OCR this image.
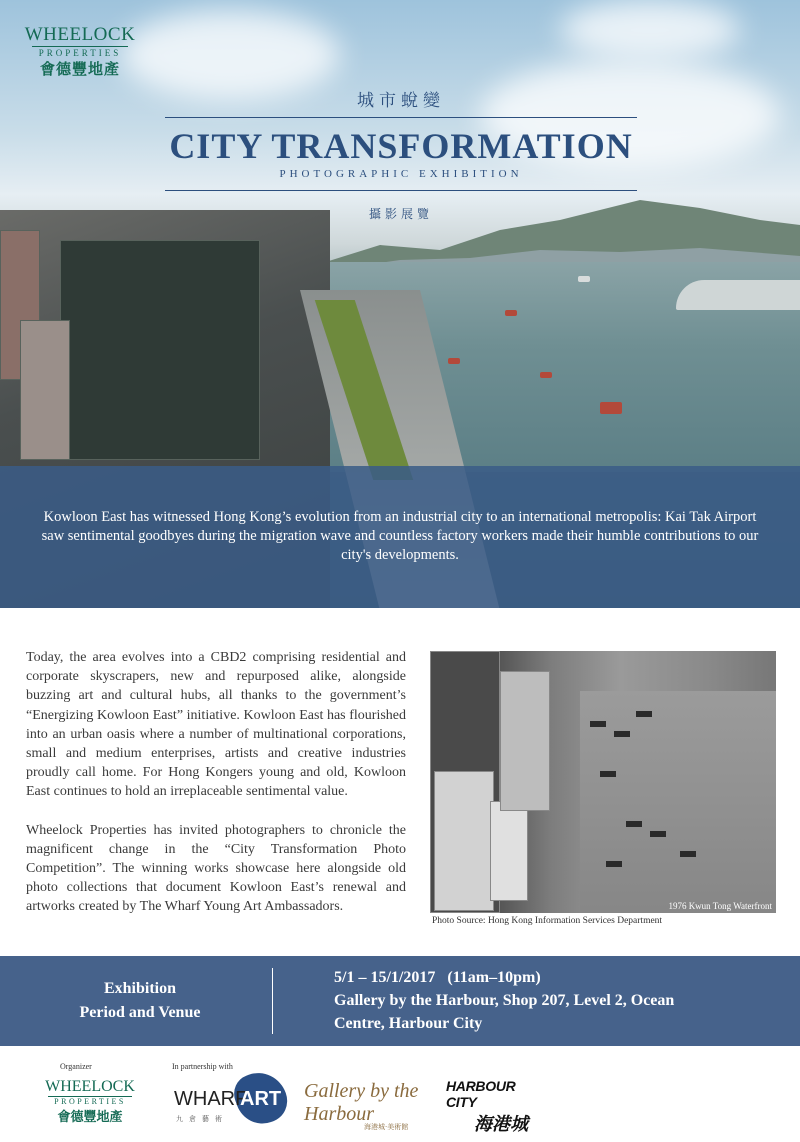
WHEELOCK
PROPERTIES
會德豐地產
城市蛻變
CITY TRANSFORMATION
PHOTOGRAPHIC EXHIBITION
攝影展覽
Kowloon East has witnessed Hong Kong’s evolution from an industrial city to an international metropolis: Kai Tak Airport saw sentimental goodbyes during the migration wave and countless factory workers made their humble contributions to our city's developments.

Today, the area evolves into a CBD2 comprising residential and corporate skyscrapers, new and repurposed alike, alongside buzzing art and cultural hubs, all thanks to the government’s “Energizing Kowloon East” initiative. Kowloon East has flourished into an urban oasis where a number of multinational corporations, small and medium enterprises, artists and creative industries proudly call home. For Hong Kongers young and old, Kowloon East continues to hold an irreplaceable sentimental value.

Wheelock Properties has invited photographers to chronicle the magnificent change in the “City Transformation Photo Competition”. The winning works showcase here alongside old photo collections that document Kowloon East’s renewal and artworks created by The Wharf Young Art Ambassadors.	1976 Kwun Tong Waterfront
Photo Source: Hong Kong Information Services Department
Exhibition
Period and Venue
5/1 – 15/1/2017   (11am–10pm)
Gallery by the Harbour, Shop 207, Level 2, Ocean
Centre, Harbour City
Organizer	In partnership with
WHEELOCK
PROPERTIES
會德豐地產
WHARF
ART
九倉藝術
Gallery by the Harbour
海港城·美術館
HARBOUR CITY
海港城
